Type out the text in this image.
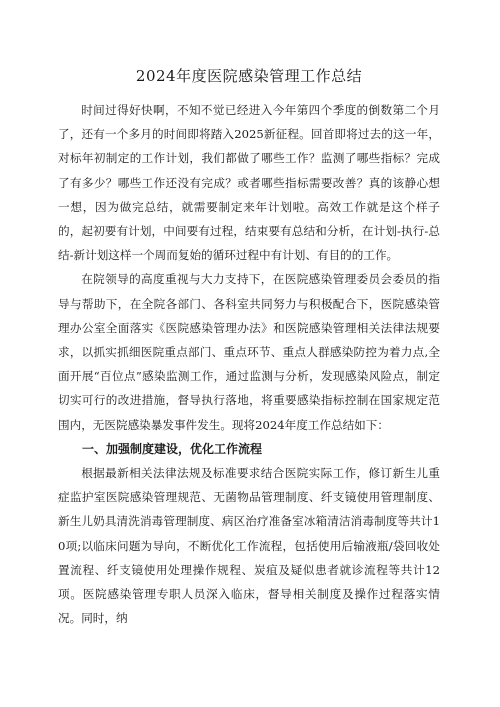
2024年度医院感染管理工作总结

时间过得好快啊，不知不觉已经进入今年第四个季度的倒数第二个月了，还有一个多月的时间即将踏入2025新征程。回首即将过去的这一年，对标年初制定的工作计划，我们都做了哪些工作？监测了哪些指标？完成了有多少？哪些工作还没有完成？或者哪些指标需要改善？真的该静心想一想，因为做完总结，就需要制定来年计划啦。高效工作就是这个样子的，起初要有计划，中间要有过程，结束要有总结和分析，在计划-执行-总结-新计划这样一个周而复始的循环过程中有计划、有目的的工作。

在院领导的高度重视与大力支持下，在医院感染管理委员会委员的指导与帮助下，在全院各部门、各科室共同努力与积极配合下，医院感染管理办公室全面落实《医院感染管理办法》和医院感染管理相关法律法规要求，以抓实抓细医院重点部门、重点环节、重点人群感染防控为着力点,全面开展“百位点”感染监测工作，通过监测与分析，发现感染风险点，制定切实可行的改进措施，督导执行落地，将重要感染指标控制在国家规定范围内，无医院感染暴发事件发生。现将2024年度工作总结如下：

一、加强制度建设，优化工作流程

根据最新相关法律法规及标准要求结合医院实际工作，修订新生儿重症监护室医院感染管理规范、无菌物品管理制度、纤支镜使用管理制度、新生儿奶具清洗消毒管理制度、病区治疗准备室冰箱清洁消毒制度等共计10项;以临床问题为导向，不断优化工作流程，包括使用后输液瓶/袋回收处置流程、纤支镜使用处理操作规程、炭疽及疑似患者就诊流程等共计12项。医院感染管理专职人员深入临床，督导相关制度及操作过程落实情况。同时，纳
